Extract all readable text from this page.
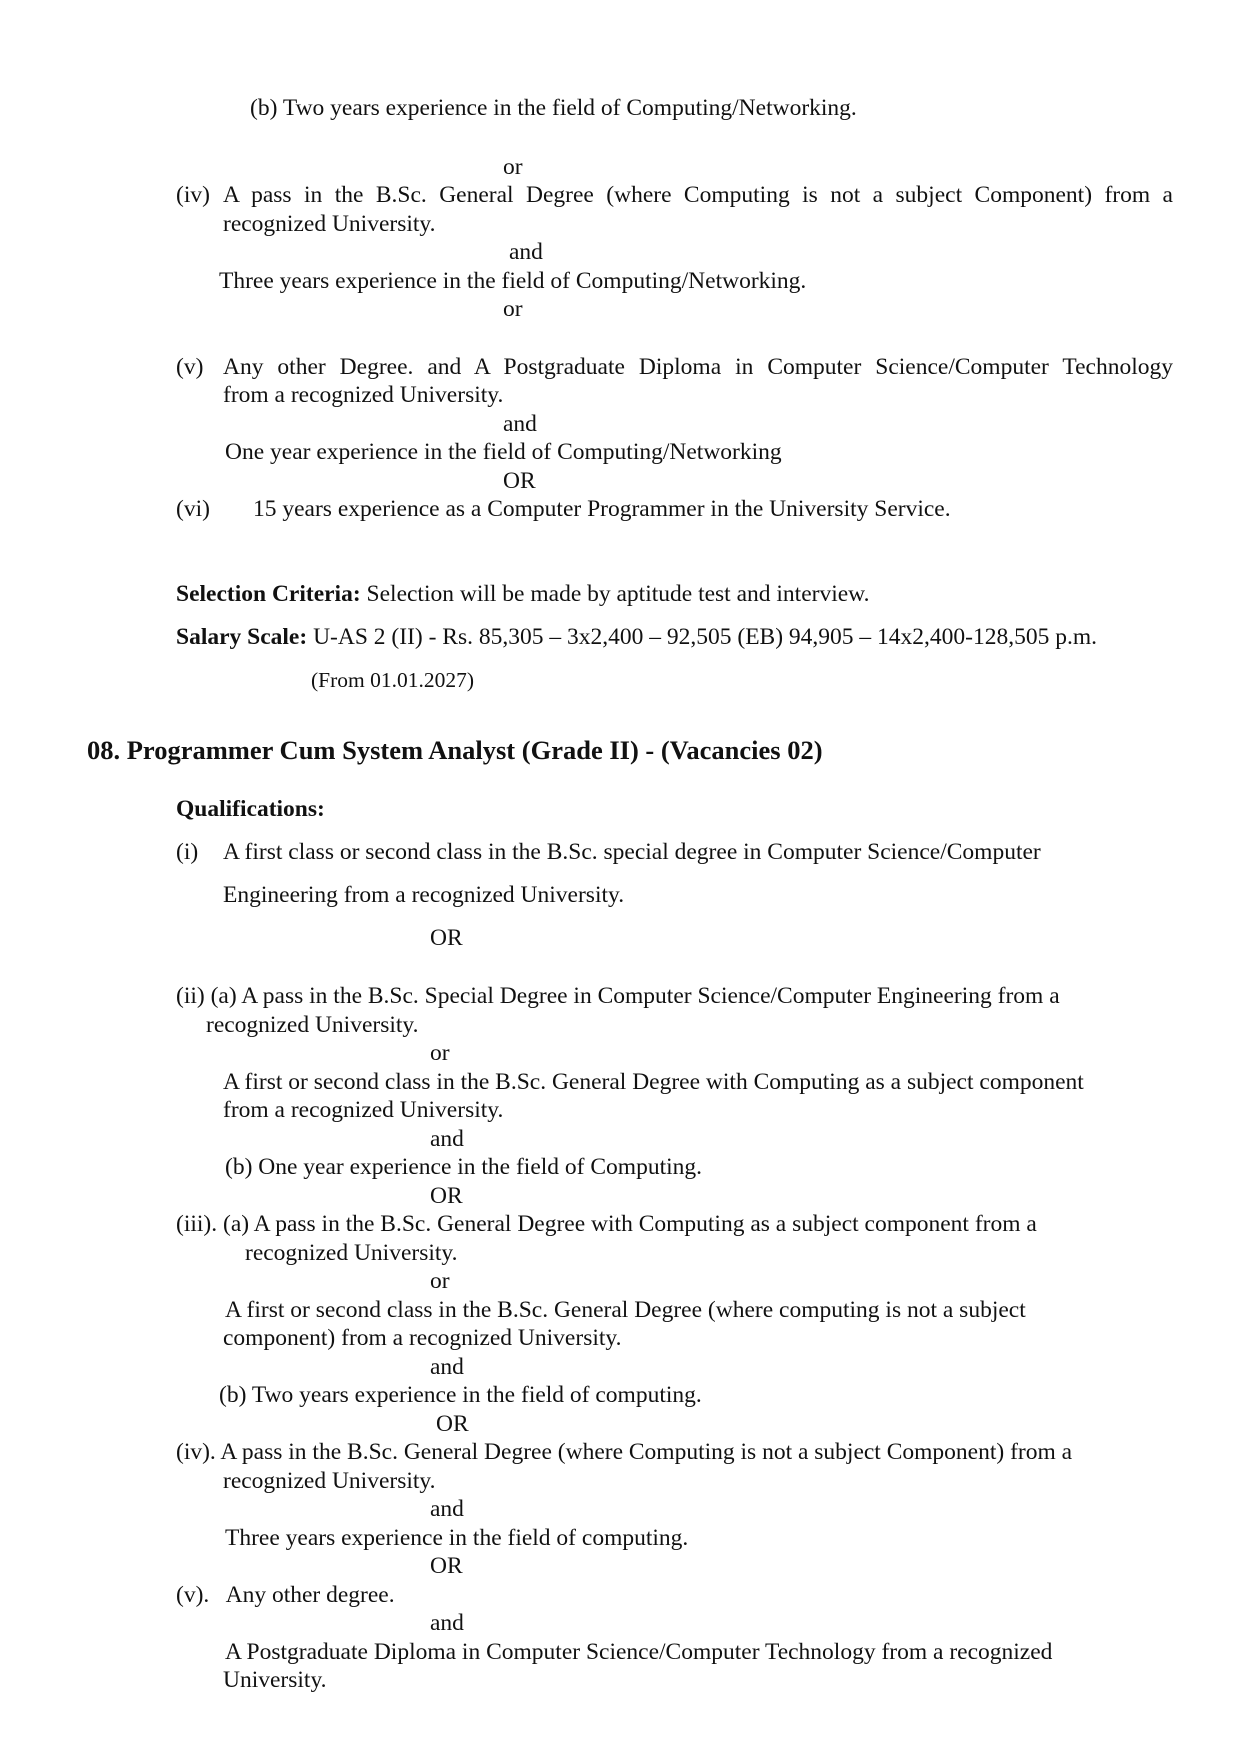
(b) Two years experience in the field of Computing/Networking.
or
(iv) A pass in the B.Sc. General Degree (where Computing is not a subject Component) from a
recognized University.
and
Three years experience in the field of Computing/Networking.
or
(v) Any other Degree. and A Postgraduate Diploma in Computer Science/Computer Technology
from a recognized University.
and
One year experience in the field of Computing/Networking
OR
(vi) 15 years experience as a Computer Programmer in the University Service.
Selection Criteria: Selection will be made by aptitude test and interview.
Salary Scale: U-AS 2 (II) - Rs. 85,305 – 3x2,400 – 92,505 (EB) 94,905 – 14x2,400-128,505 p.m.
(From 01.01.2027)
08. Programmer Cum System Analyst (Grade II) - (Vacancies 02)
Qualifications:
(i) A first class or second class in the B.Sc. special degree in Computer Science/Computer
Engineering from a recognized University.
OR
(ii) (a) A pass in the B.Sc. Special Degree in Computer Science/Computer Engineering from a
recognized University.
or
A first or second class in the B.Sc. General Degree with Computing as a subject component
from a recognized University.
and
(b) One year experience in the field of Computing.
OR
(iii). (a) A pass in the B.Sc. General Degree with Computing as a subject component from a
recognized University.
or
A first or second class in the B.Sc. General Degree (where computing is not a subject
component) from a recognized University.
and
(b) Two years experience in the field of computing.
OR
(iv). A pass in the B.Sc. General Degree (where Computing is not a subject Component) from a
recognized University.
and
Three years experience in the field of computing.
OR
(v).   Any other degree.
and
A Postgraduate Diploma in Computer Science/Computer Technology from a recognized
University.
